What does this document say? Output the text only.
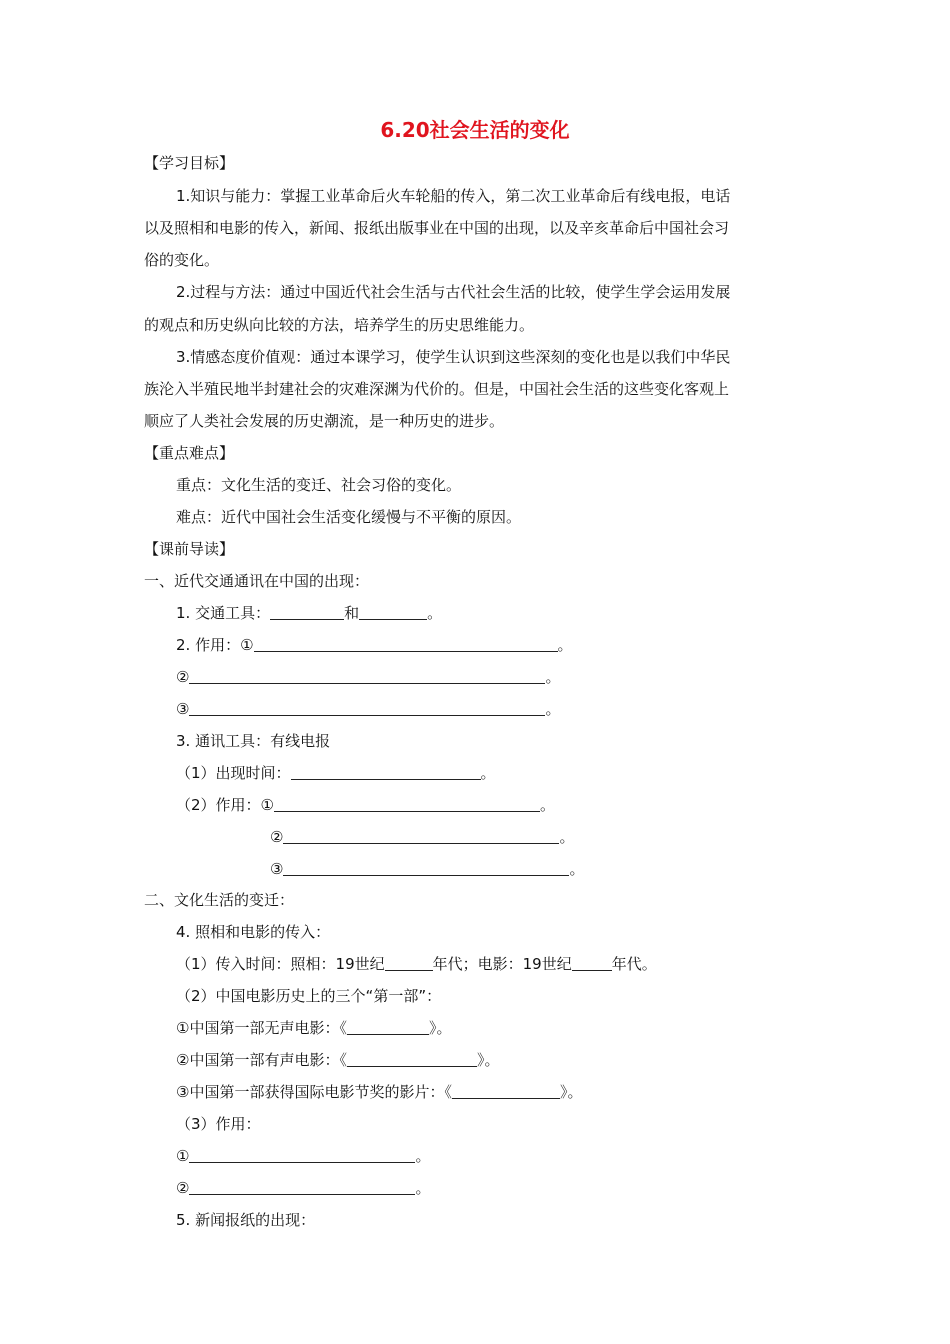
6.20社会生活的变化
【学习目标】
1.知识与能力：掌握工业革命后火车轮船的传入，第二次工业革命后有线电报，电话
以及照相和电影的传入，新闻、报纸出版事业在中国的出现，以及辛亥革命后中国社会习
俗的变化。
2.过程与方法：通过中国近代社会生活与古代社会生活的比较，使学生学会运用发展
的观点和历史纵向比较的方法，培养学生的历史思维能力。
3.情感态度价值观：通过本课学习，使学生认识到这些深刻的变化也是以我们中华民
族沦入半殖民地半封建社会的灾难深渊为代价的。但是，中国社会生活的这些变化客观上
顺应了人类社会发展的历史潮流，是一种历史的进步。
【重点难点】
重点：文化生活的变迁、社会习俗的变化。
难点：近代中国社会生活变化缓慢与不平衡的原因。
【课前导读】
一、近代交通通讯在中国的出现：
1. 交通工具：	和	。
2. 作用：①	。
②	。
③	。
3. 通讯工具：有线电报
（1）出现时间：	。
（2）作用：①	。
②	。
③	。
二、文化生活的变迁：
4. 照相和电影的传入：
（1）传入时间：照相：19世纪	年代；电影：19世纪	年代。
（2）中国电影历史上的三个“第一部”：
①中国第一部无声电影：《	》。
②中国第一部有声电影：《	》。
③中国第一部获得国际电影节奖的影片：《	》。
（3）作用：
①	。
②	。
5. 新闻报纸的出现：
